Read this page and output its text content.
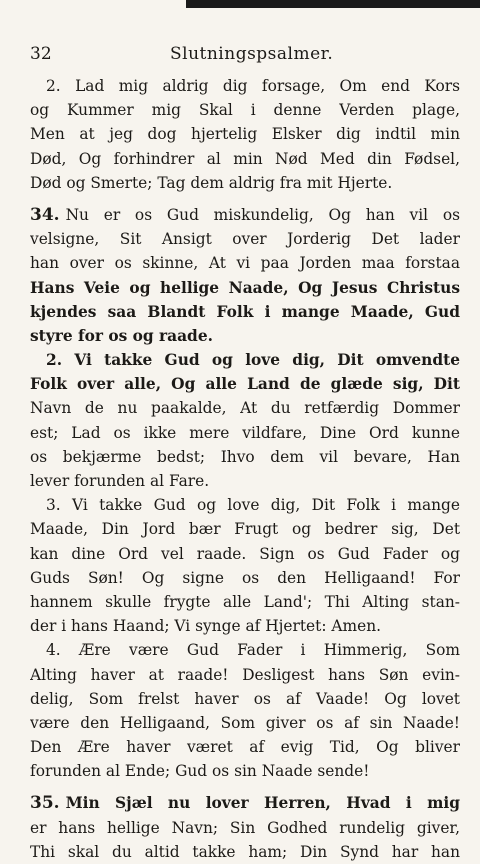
32	Slutningspsalmer.
2. Lad mig aldrig dig forsage, Om end Kors
og Kummer mig Skal i denne Verden plage,
Men at jeg dog hjertelig Elsker dig indtil min
Død, Og forhindrer al min Nød Med din Fødsel,
Død og Smerte; Tag dem aldrig fra mit Hjerte.
34. Nu er os Gud miskundelig, Og han vil os
velsigne, Sit Ansigt over Jorderig Det lader
han over os skinne, At vi paa Jorden maa forstaa
Hans Veie og hellige Naade, Og Jesus Christus
kjendes saa Blandt Folk i mange Maade, Gud
styre for os og raade.
2. Vi takke Gud og love dig, Dit omvendte
Folk over alle, Og alle Land de glæde sig, Dit
Navn de nu paakalde, At du retfærdig Dommer
est; Lad os ikke mere vildfare, Dine Ord kunne
os bekjærme bedst; Ihvo dem vil bevare, Han
lever forunden al Fare.
3. Vi takke Gud og love dig, Dit Folk i mange
Maade, Din Jord bær Frugt og bedrer sig, Det
kan dine Ord vel raade. Sign os Gud Fader og
Guds Søn! Og signe os den Helligaand! For
hannem skulle frygte alle Land'; Thi Alting stan-
der i hans Haand; Vi synge af Hjertet: Amen.
4. Ære være Gud Fader i Himmerig, Som
Alting haver at raade! Desligest hans Søn evin-
delig, Som frelst haver os af Vaade! Og lovet
være den Helligaand, Som giver os af sin Naade!
Den Ære haver været af evig Tid, Og bliver
forunden al Ende; Gud os sin Naade sende!
35. Min Sjæl nu lover Herren, Hvad i mig
er hans hellige Navn; Sin Godhed rundelig giver,
Thi skal du altid takke ham; Din Synd har han
